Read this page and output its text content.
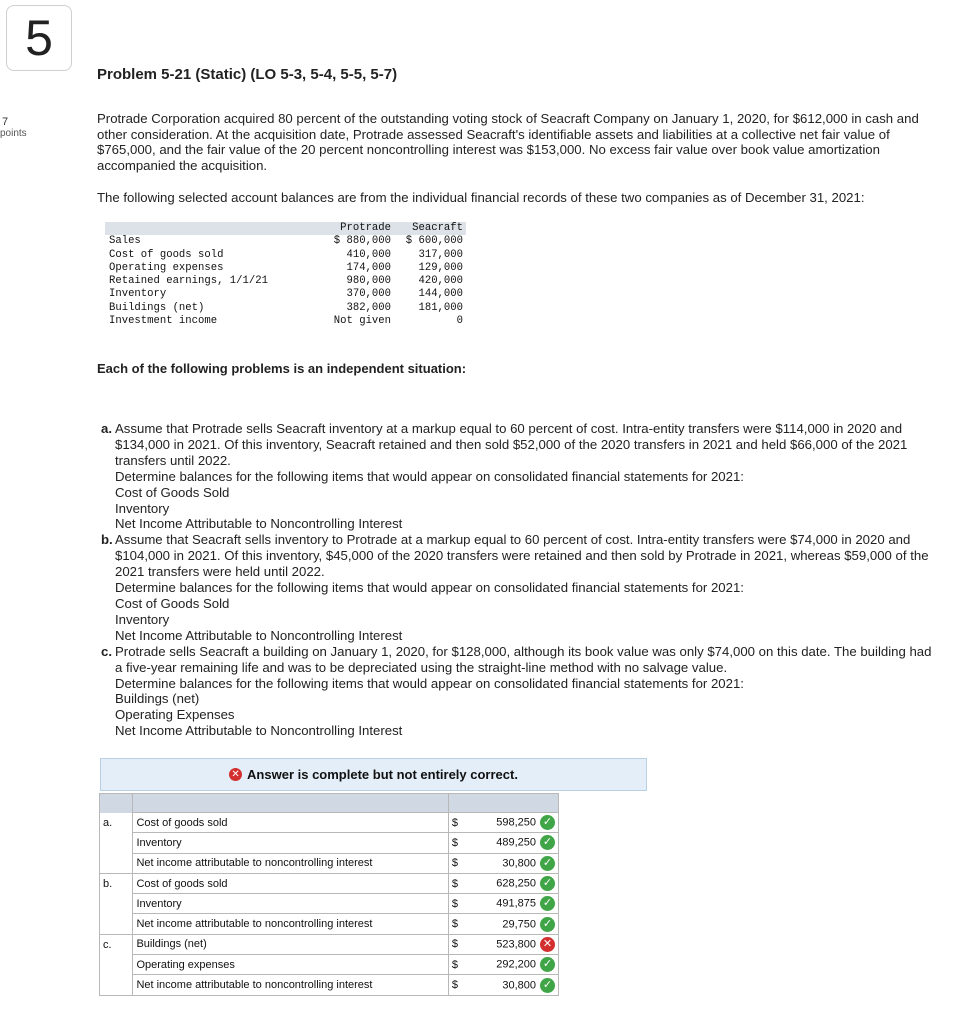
5
7
points
Problem 5-21 (Static) (LO 5-3, 5-4, 5-5, 5-7)
Protrade Corporation acquired 80 percent of the outstanding voting stock of Seacraft Company on January 1, 2020, for $612,000 in cash and other consideration. At the acquisition date, Protrade assessed Seacraft's identifiable assets and liabilities at a collective net fair value of $765,000, and the fair value of the 20 percent noncontrolling interest was $153,000. No excess fair value over book value amortization accompanied the acquisition.
The following selected account balances are from the individual financial records of these two companies as of December 31, 2021:
Protrade	Seacraft
Sales	$ 880,000	$ 600,000
Cost of goods sold	410,000	317,000
Operating expenses	174,000	129,000
Retained earnings, 1/1/21	980,000	420,000
Inventory	370,000	144,000
Buildings (net)	382,000	181,000
Investment income	Not given	0
Each of the following problems is an independent situation:
a. Assume that Protrade sells Seacraft inventory at a markup equal to 60 percent of cost. Intra-entity transfers were $114,000 in 2020 and $134,000 in 2021. Of this inventory, Seacraft retained and then sold $52,000 of the 2020 transfers in 2021 and held $66,000 of the 2021 transfers until 2022.
Determine balances for the following items that would appear on consolidated financial statements for 2021:
Cost of Goods Sold
Inventory
Net Income Attributable to Noncontrolling Interest
b. Assume that Seacraft sells inventory to Protrade at a markup equal to 60 percent of cost. Intra-entity transfers were $74,000 in 2020 and $104,000 in 2021. Of this inventory, $45,000 of the 2020 transfers were retained and then sold by Protrade in 2021, whereas $59,000 of the 2021 transfers were held until 2022.
Determine balances for the following items that would appear on consolidated financial statements for 2021:
Cost of Goods Sold
Inventory
Net Income Attributable to Noncontrolling Interest
c. Protrade sells Seacraft a building on January 1, 2020, for $128,000, although its book value was only $74,000 on this date. The building had a five-year remaining life and was to be depreciated using the straight-line method with no salvage value.
Determine balances for the following items that would appear on consolidated financial statements for 2021:
Buildings (net)
Operating Expenses
Net Income Attributable to Noncontrolling Interest
✕ Answer is complete but not entirely correct.

a.	Cost of goods sold	$	598,250 ✓
	Inventory	$	489,250 ✓
	Net income attributable to noncontrolling interest	$	30,800 ✓
b.	Cost of goods sold	$	628,250 ✓
	Inventory	$	491,875 ✓
	Net income attributable to noncontrolling interest	$	29,750 ✓
c.	Buildings (net)	$	523,800 ✕
	Operating expenses	$	292,200 ✓
	Net income attributable to noncontrolling interest	$	30,800 ✓
